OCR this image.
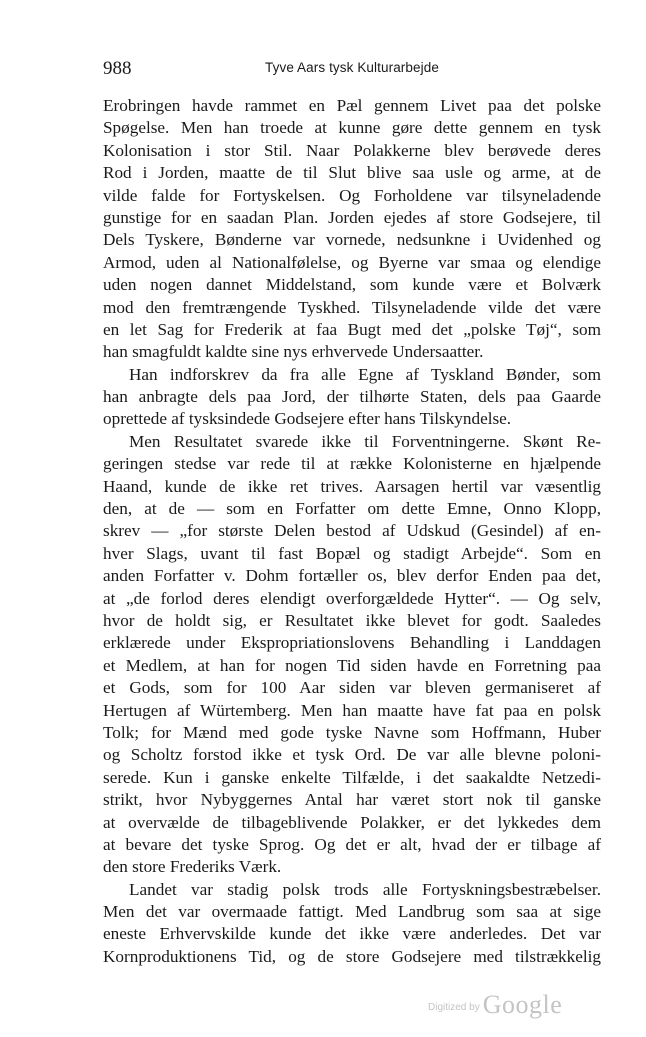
988	Tyve Aars tysk Kulturarbejde
Erobringen havde rammet en Pæl gennem Livet paa det polske
Spøgelse. Men han troede at kunne gøre dette gennem en tysk
Kolonisation i stor Stil. Naar Polakkerne blev berøvede deres
Rod i Jorden, maatte de til Slut blive saa usle og arme, at de
vilde falde for Fortyskelsen. Og Forholdene var tilsyneladende
gunstige for en saadan Plan. Jorden ejedes af store Godsejere, til
Dels Tyskere, Bønderne var vornede, nedsunkne i Uvidenhed og
Armod, uden al Nationalfølelse, og Byerne var smaa og elendige
uden nogen dannet Middelstand, som kunde være et Bolværk
mod den fremtrængende Tyskhed. Tilsyneladende vilde det være
en let Sag for Frederik at faa Bugt med det „polske Tøj“, som
han smagfuldt kaldte sine nys erhvervede Undersaatter.
Han indforskrev da fra alle Egne af Tyskland Bønder, som
han anbragte dels paa Jord, der tilhørte Staten, dels paa Gaarde
oprettede af tysksindede Godsejere efter hans Tilskyndelse.
Men Resultatet svarede ikke til Forventningerne. Skønt Re-
geringen stedse var rede til at række Kolonisterne en hjælpende
Haand, kunde de ikke ret trives. Aarsagen hertil var væsentlig
den, at de — som en Forfatter om dette Emne, Onno Klopp,
skrev — „for største Delen bestod af Udskud (Gesindel) af en-
hver Slags, uvant til fast Bopæl og stadigt Arbejde“. Som en
anden Forfatter v. Dohm fortæller os, blev derfor Enden paa det,
at „de forlod deres elendigt overforgældede Hytter“. — Og selv,
hvor de holdt sig, er Resultatet ikke blevet for godt. Saaledes
erklærede under Ekspropriationslovens Behandling i Landdagen
et Medlem, at han for nogen Tid siden havde en Forretning paa
et Gods, som for 100 Aar siden var bleven germaniseret af
Hertugen af Würtemberg. Men han maatte have fat paa en polsk
Tolk; for Mænd med gode tyske Navne som Hoffmann, Huber
og Scholtz forstod ikke et tysk Ord. De var alle blevne poloni-
serede. Kun i ganske enkelte Tilfælde, i det saakaldte Netzedi-
strikt, hvor Nybyggernes Antal har været stort nok til ganske
at overvælde de tilbageblivende Polakker, er det lykkedes dem
at bevare det tyske Sprog. Og det er alt, hvad der er tilbage af
den store Frederiks Værk.
Landet var stadig polsk trods alle Fortyskningsbestræbelser.
Men det var overmaade fattigt. Med Landbrug som saa at sige
eneste Erhvervskilde kunde det ikke være anderledes. Det var
Kornproduktionens Tid, og de store Godsejere med tilstrækkelig
Digitized by Google
